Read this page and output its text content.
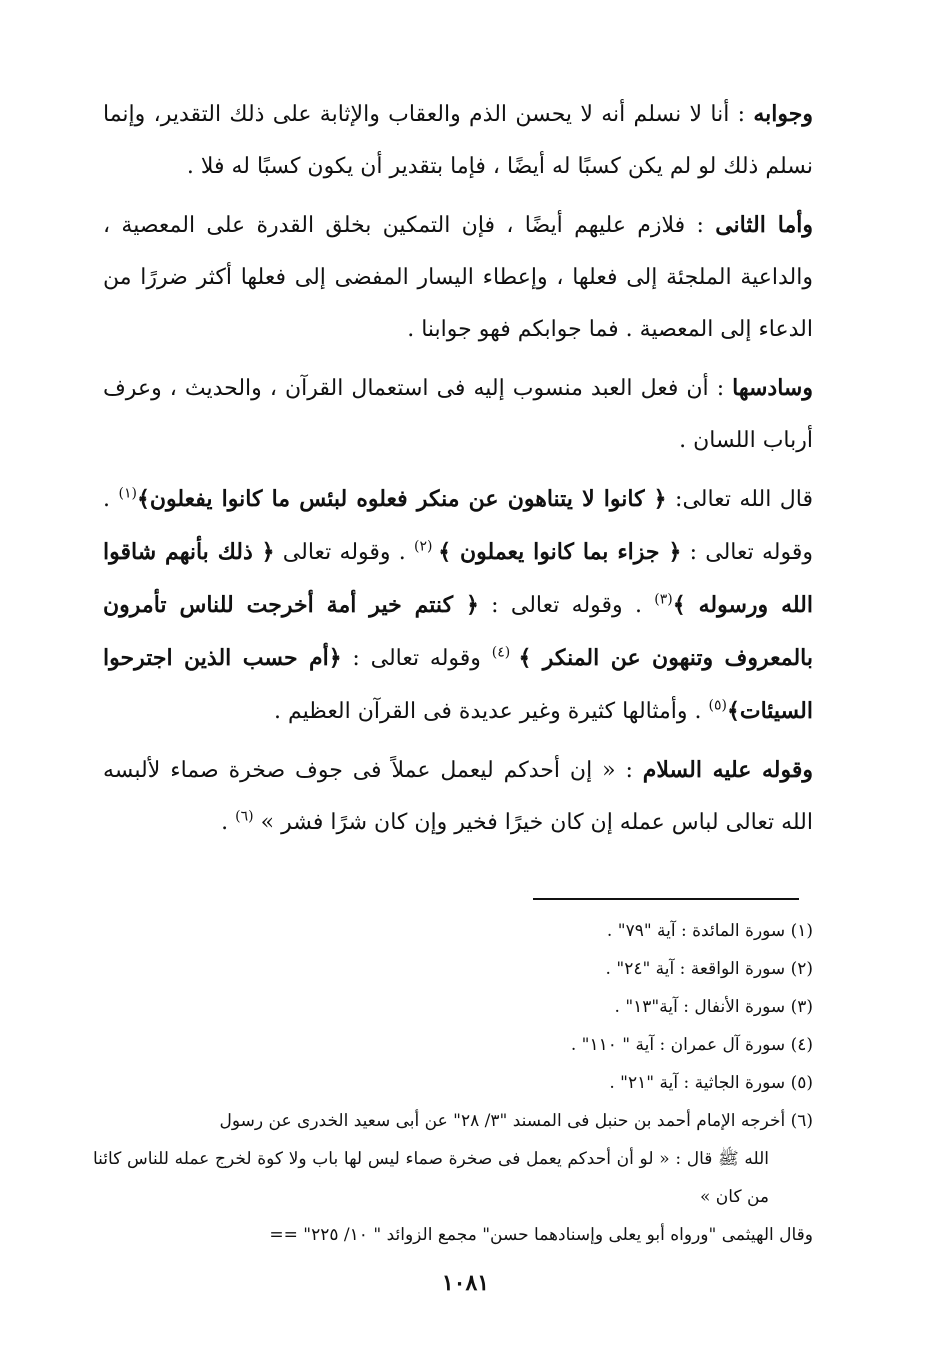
وجوابه : أنا لا نسلم أنه لا يحسن الذم والعقاب والإثابة على ذلك التقدير، وإنما نسلم ذلك لو لم يكن كسبًا له أيضًا ، فإما بتقدير أن يكون كسبًا له فلا .

وأما الثانى : فلازم عليهم أيضًا ، فإن التمكين بخلق القدرة على المعصية ، والداعية الملجئة إلى فعلها ، وإعطاء اليسار المفضى إلى فعلها أكثر ضررًا من الدعاء إلى المعصية . فما جوابكم فهو جوابنا .

وسادسها : أن فعل العبد منسوب إليه فى استعمال القرآن ، والحديث ، وعرف أرباب اللسان .

قال الله تعالى: ﴿ كانوا لا يتناهون عن منكر فعلوه لبئس ما كانوا يفعلون﴾$^{(١)}$ . وقوله تعالى : ﴿ جزاء بما كانوا يعملون ﴾ $^{(٢)}$ . وقوله تعالى ﴿ ذلك بأنهم شاقوا الله ورسوله ﴾$^{(٣)}$ . وقوله تعالى : ﴿ كنتم خير أمة أخرجت للناس تأمرون بالمعروف وتنهون عن المنكر ﴾ $^{(٤)}$ وقوله تعالى : ﴿أم حسب الذين اجترحوا السيئات﴾$^{(٥)}$ . وأمثالها كثيرة وغير عديدة فى القرآن العظيم .

وقوله عليه السلام : « إن أحدكم ليعمل عملاً فى جوف صخرة صماء لألبسه الله تعالى لباس عمله إن كان خيرًا فخير وإن كان شرًا فشر » $^{(٦)}$ .

(١) سورة المائدة : آية "٧٩" .

(٢) سورة الواقعة : آية "٢٤" .

(٣) سورة الأنفال : آية"١٣" .

(٤) سورة آل عمران : آية " ١١٠" .

(٥) سورة الجاثية : آية "٢١" .

(٦) أخرجه الإمام أحمد بن حنبل فى المسند "٣/ ٢٨" عن أبى سعيد الخدرى عن رسول

الله ﷺ قال : « لو أن أحدكم يعمل فى صخرة صماء ليس لها باب ولا كوة لخرج عمله للناس كائنا من كان »

وقال الهيثمى "ورواه أبو يعلى وإسنادهما حسن" مجمع الزوائد " ١٠/ ٢٢٥" ==

١٠٨١
